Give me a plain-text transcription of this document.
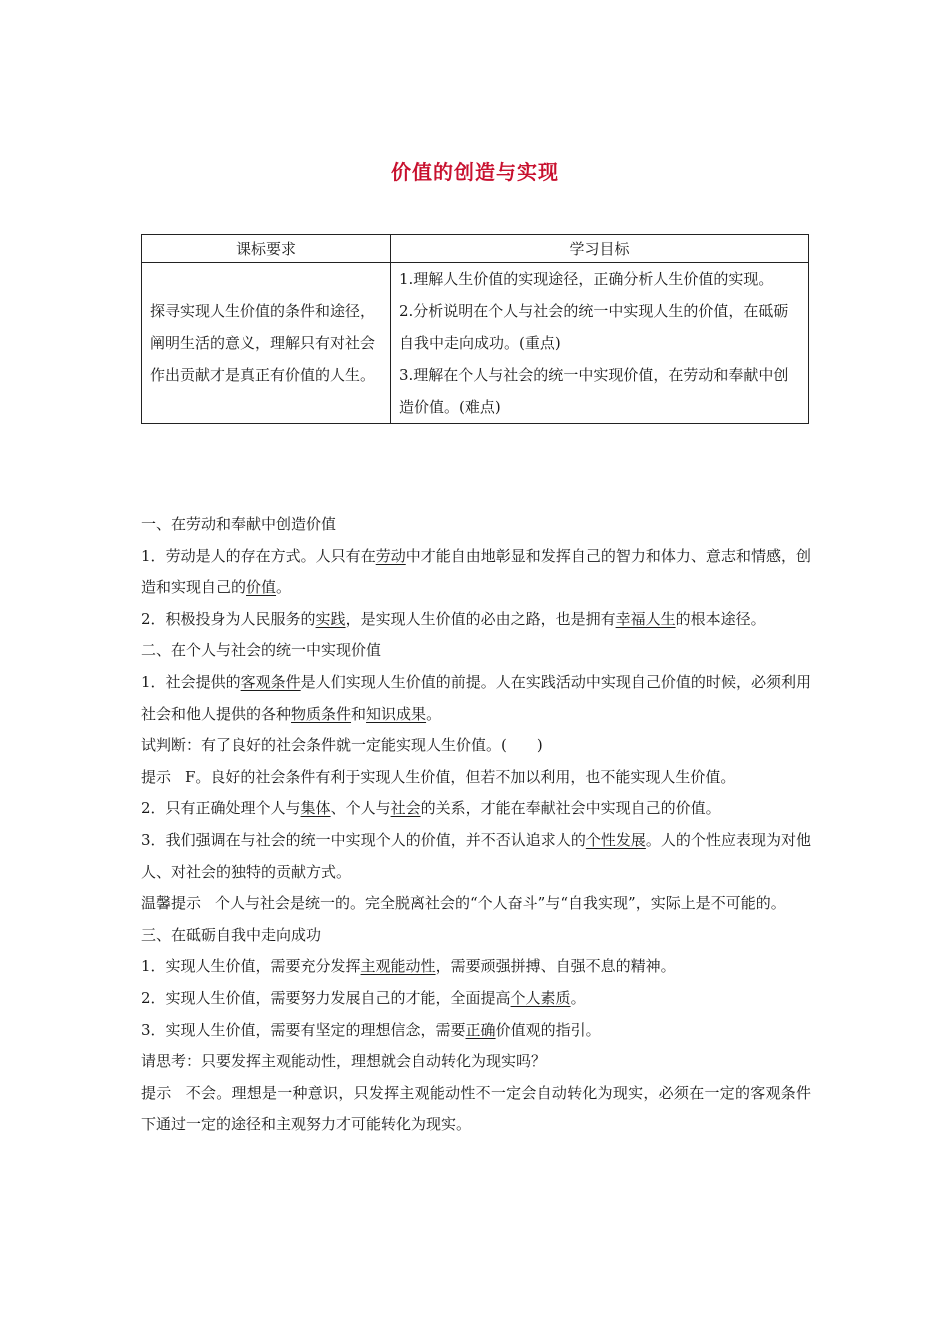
价值的创造与实现
课标要求	学习目标
探寻实现人生价值的条件和途径，阐明生活的意义，理解只有对社会作出贡献才是真正有价值的人生。	1.理解人生价值的实现途径，正确分析人生价值的实现。
2.分析说明在个人与社会的统一中实现人生的价值，在砥砺自我中走向成功。(重点)
3.理解在个人与社会的统一中实现价值，在劳动和奉献中创造价值。(难点)

一、在劳动和奉献中创造价值

1．劳动是人的存在方式。人只有在劳动中才能自由地彰显和发挥自己的智力和体力、意志和情感，创造和实现自己的价值。

2．积极投身为人民服务的实践，是实现人生价值的必由之路，也是拥有幸福人生的根本途径。

二、在个人与社会的统一中实现价值

1．社会提供的客观条件是人们实现人生价值的前提。人在实践活动中实现自己价值的时候，必须利用社会和他人提供的各种物质条件和知识成果。

试判断：有了良好的社会条件就一定能实现人生价值。(　　)

提示 F。良好的社会条件有利于实现人生价值，但若不加以利用，也不能实现人生价值。

2．只有正确处理个人与集体、个人与社会的关系，才能在奉献社会中实现自己的价值。

3．我们强调在与社会的统一中实现个人的价值，并不否认追求人的个性发展。人的个性应表现为对他人、对社会的独特的贡献方式。

温馨提示 个人与社会是统一的。完全脱离社会的“个人奋斗”与“自我实现”，实际上是不可能的。

三、在砥砺自我中走向成功

1．实现人生价值，需要充分发挥主观能动性，需要顽强拼搏、自强不息的精神。

2．实现人生价值，需要努力发展自己的才能，全面提高个人素质。

3．实现人生价值，需要有坚定的理想信念，需要正确价值观的指引。

请思考：只要发挥主观能动性，理想就会自动转化为现实吗？

提示 不会。理想是一种意识，只发挥主观能动性不一定会自动转化为现实，必须在一定的客观条件下通过一定的途径和主观努力才可能转化为现实。
